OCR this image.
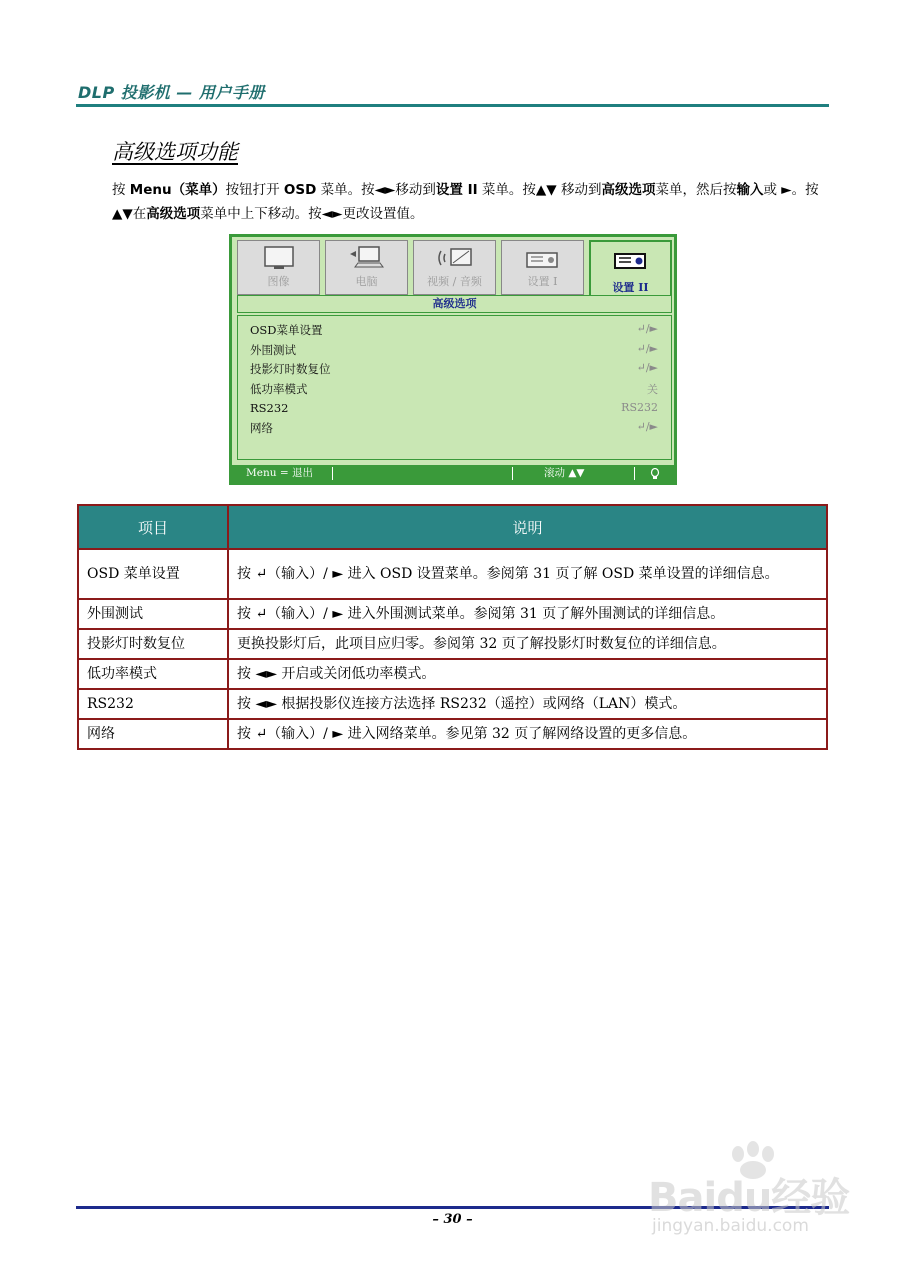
DLP 投影机 — 用户手册
高级选项功能
按 Menu（菜单）按钮打开 OSD 菜单。按◄►移动到设置 II 菜单。按▲▼ 移动到高级选项菜单，然后按输入或 ►。按▲▼在高级选项菜单中上下移动。按◄►更改设置值。
图像	电脑	视频 / 音频	设置 I	设置 II
高级选项
OSD菜单设置	↵/►
外围测试	↵/►
投影灯时数复位	↵/►
低功率模式	关
RS232	RS232
网络	↵/►
Menu = 退出	滚动 ▲▼
项目	说明
OSD 菜单设置	按 ↵（输入）/ ► 进入 OSD 设置菜单。参阅第 31 页了解 OSD 菜单设置的详细信息。
外围测试	按 ↵（输入）/ ► 进入外围测试菜单。参阅第 31 页了解外围测试的详细信息。
投影灯时数复位	更换投影灯后，此项目应归零。参阅第 32 页了解投影灯时数复位的详细信息。
低功率模式	按 ◄► 开启或关闭低功率模式。
RS232	按 ◄► 根据投影仪连接方法选择 RS232（遥控）或网络（LAN）模式。
网络	按 ↵（输入）/ ► 进入网络菜单。参见第 32 页了解网络设置的更多信息。
– 30 –	Baidu经验
jingyan.baidu.com
